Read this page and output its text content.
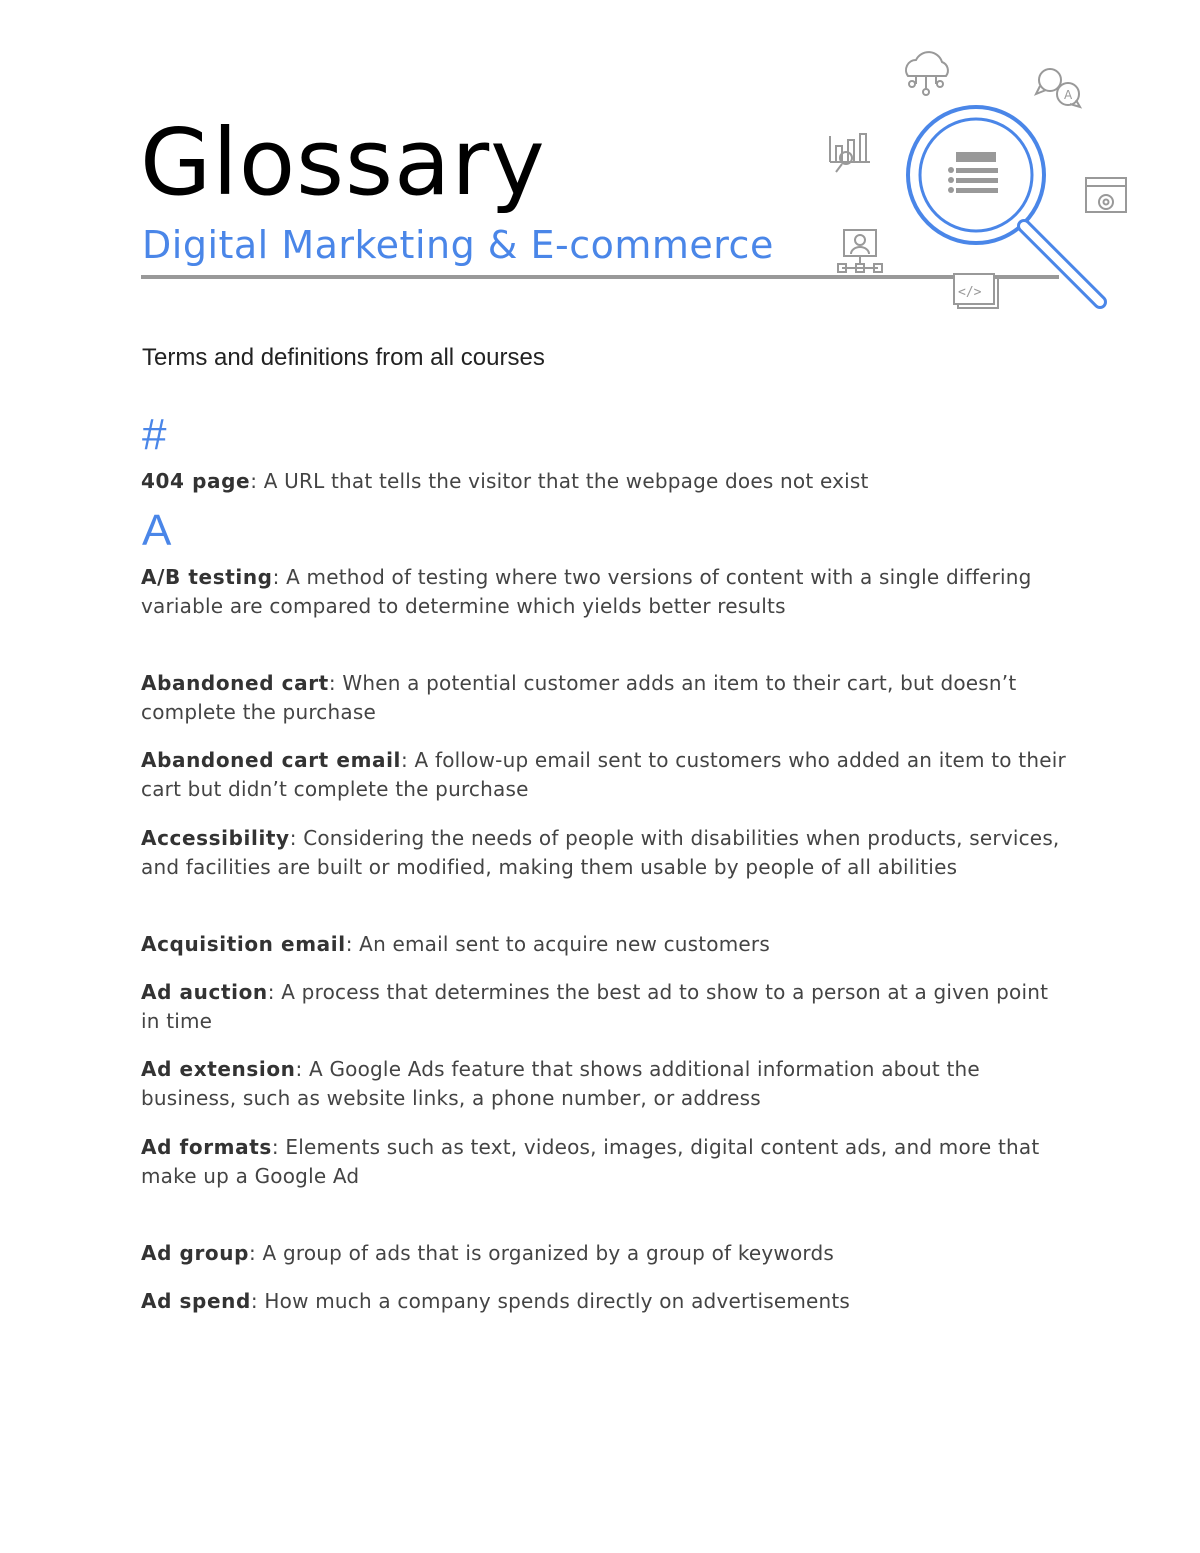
Glossary
Digital Marketing & E-commerce
A
</>

Terms and definitions from all courses

#

404 page: A URL that tells the visitor that the webpage does not exist

A

A/B testing: A method of testing where two versions of content with a single differing variable are compared to determine which yields better results

Abandoned cart: When a potential customer adds an item to their cart, but doesn’t complete the purchase

Abandoned cart email: A follow-up email sent to customers who added an item to their cart but didn’t complete the purchase

Accessibility: Considering the needs of people with disabilities when products, services, and facilities are built or modified, making them usable by people of all abilities

Acquisition email: An email sent to acquire new customers

Ad auction: A process that determines the best ad to show to a person at a given point in time

Ad extension: A Google Ads feature that shows additional information about the business, such as website links, a phone number, or address

Ad formats: Elements such as text, videos, images, digital content ads, and more that make up a Google Ad

Ad group: A group of ads that is organized by a group of keywords

Ad spend: How much a company spends directly on advertisements
